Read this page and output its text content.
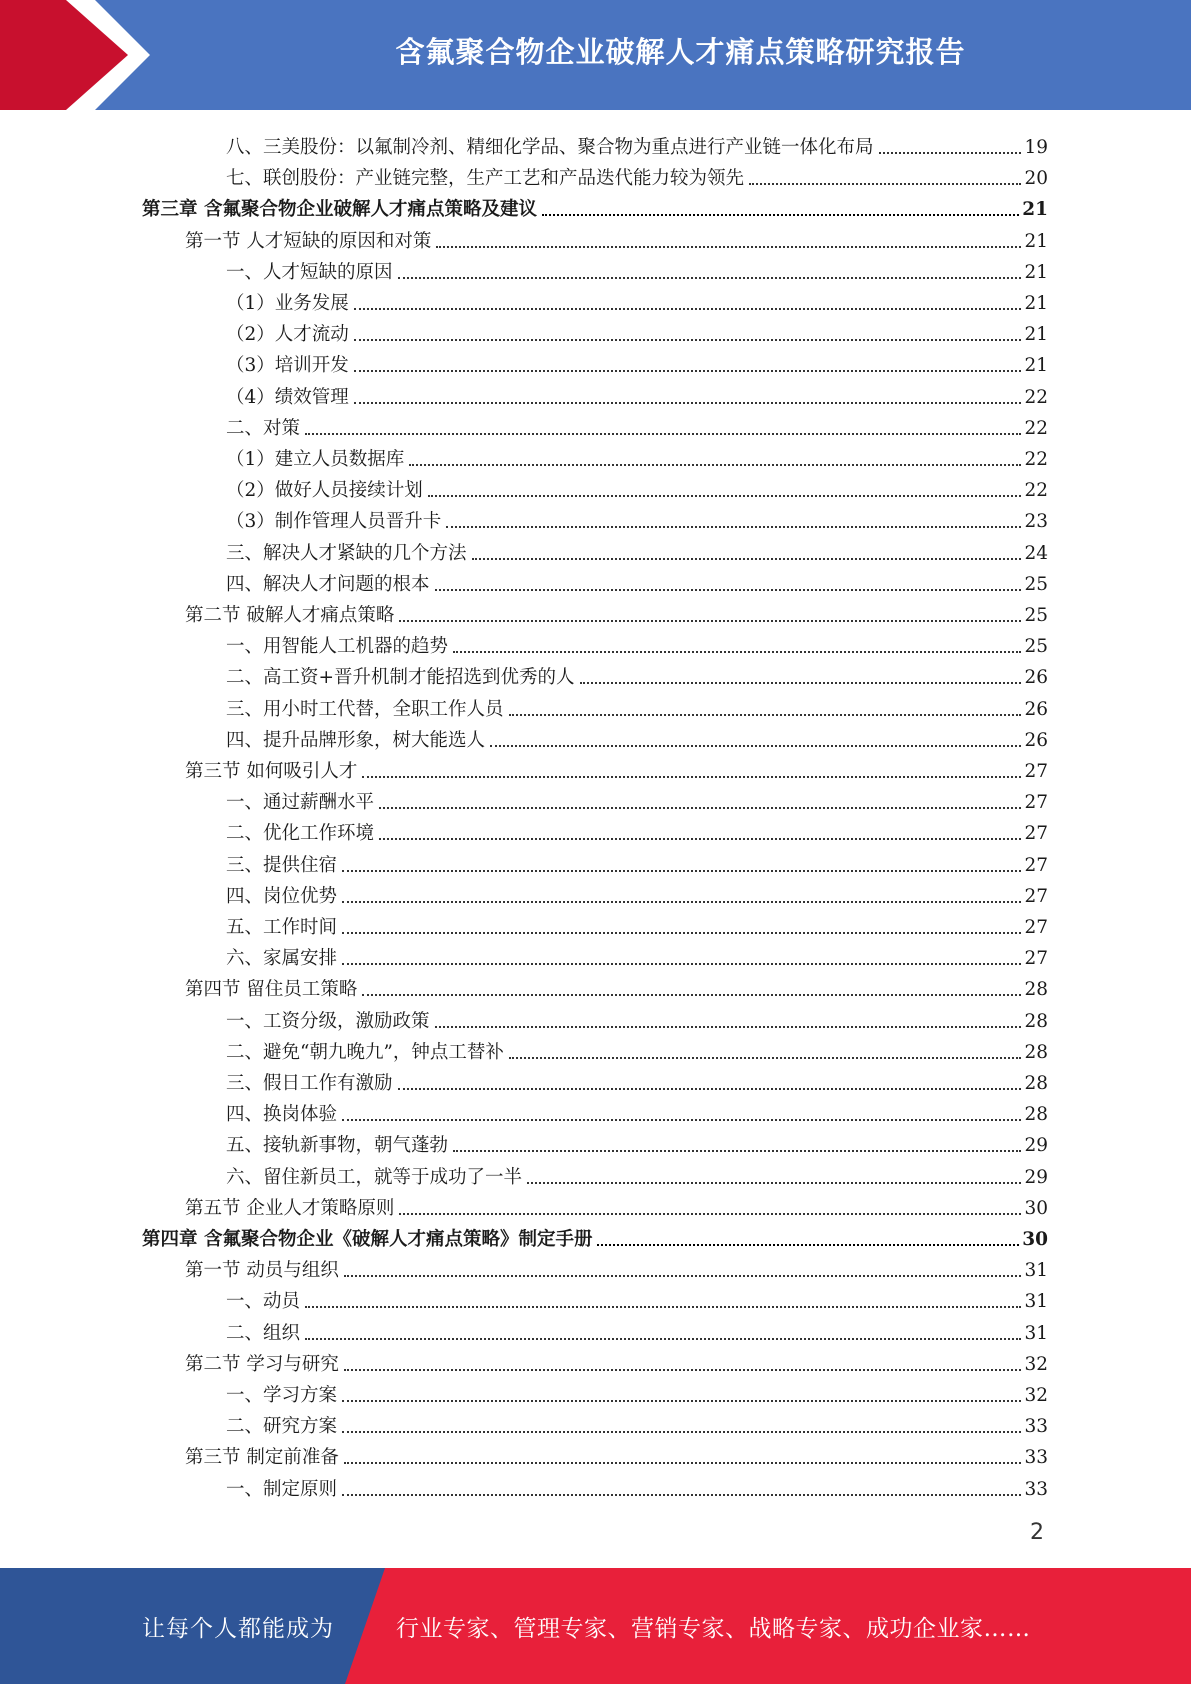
含氟聚合物企业破解人才痛点策略研究报告
八、三美股份：以氟制冷剂、精细化学品、聚合物为重点进行产业链一体化布局	19
七、联创股份：产业链完整，生产工艺和产品迭代能力较为领先	20
第三章 含氟聚合物企业破解人才痛点策略及建议	21
第一节 人才短缺的原因和对策	21
一、人才短缺的原因	21
（1）业务发展	21
（2）人才流动	21
（3）培训开发	21
（4）绩效管理	22
二、对策	22
（1）建立人员数据库	22
（2）做好人员接续计划	22
（3）制作管理人员晋升卡	23
三、解决人才紧缺的几个方法	24
四、解决人才问题的根本	25
第二节 破解人才痛点策略	25
一、用智能人工机器的趋势	25
二、高工资+晋升机制才能招选到优秀的人	26
三、用小时工代替，全职工作人员	26
四、提升品牌形象，树大能选人	26
第三节 如何吸引人才	27
一、通过薪酬水平	27
二、优化工作环境	27
三、提供住宿	27
四、岗位优势	27
五、工作时间	27
六、家属安排	27
第四节 留住员工策略	28
一、工资分级，激励政策	28
二、避免“朝九晚九”，钟点工替补	28
三、假日工作有激励	28
四、换岗体验	28
五、接轨新事物，朝气蓬勃	29
六、留住新员工，就等于成功了一半	29
第五节 企业人才策略原则	30
第四章 含氟聚合物企业《破解人才痛点策略》制定手册	30
第一节 动员与组织	31
一、动员	31
二、组织	31
第二节 学习与研究	32
一、学习方案	32
二、研究方案	33
第三节 制定前准备	33
一、制定原则	33
2
让每个人都能成为	行业专家、管理专家、营销专家、战略专家、成功企业家……
